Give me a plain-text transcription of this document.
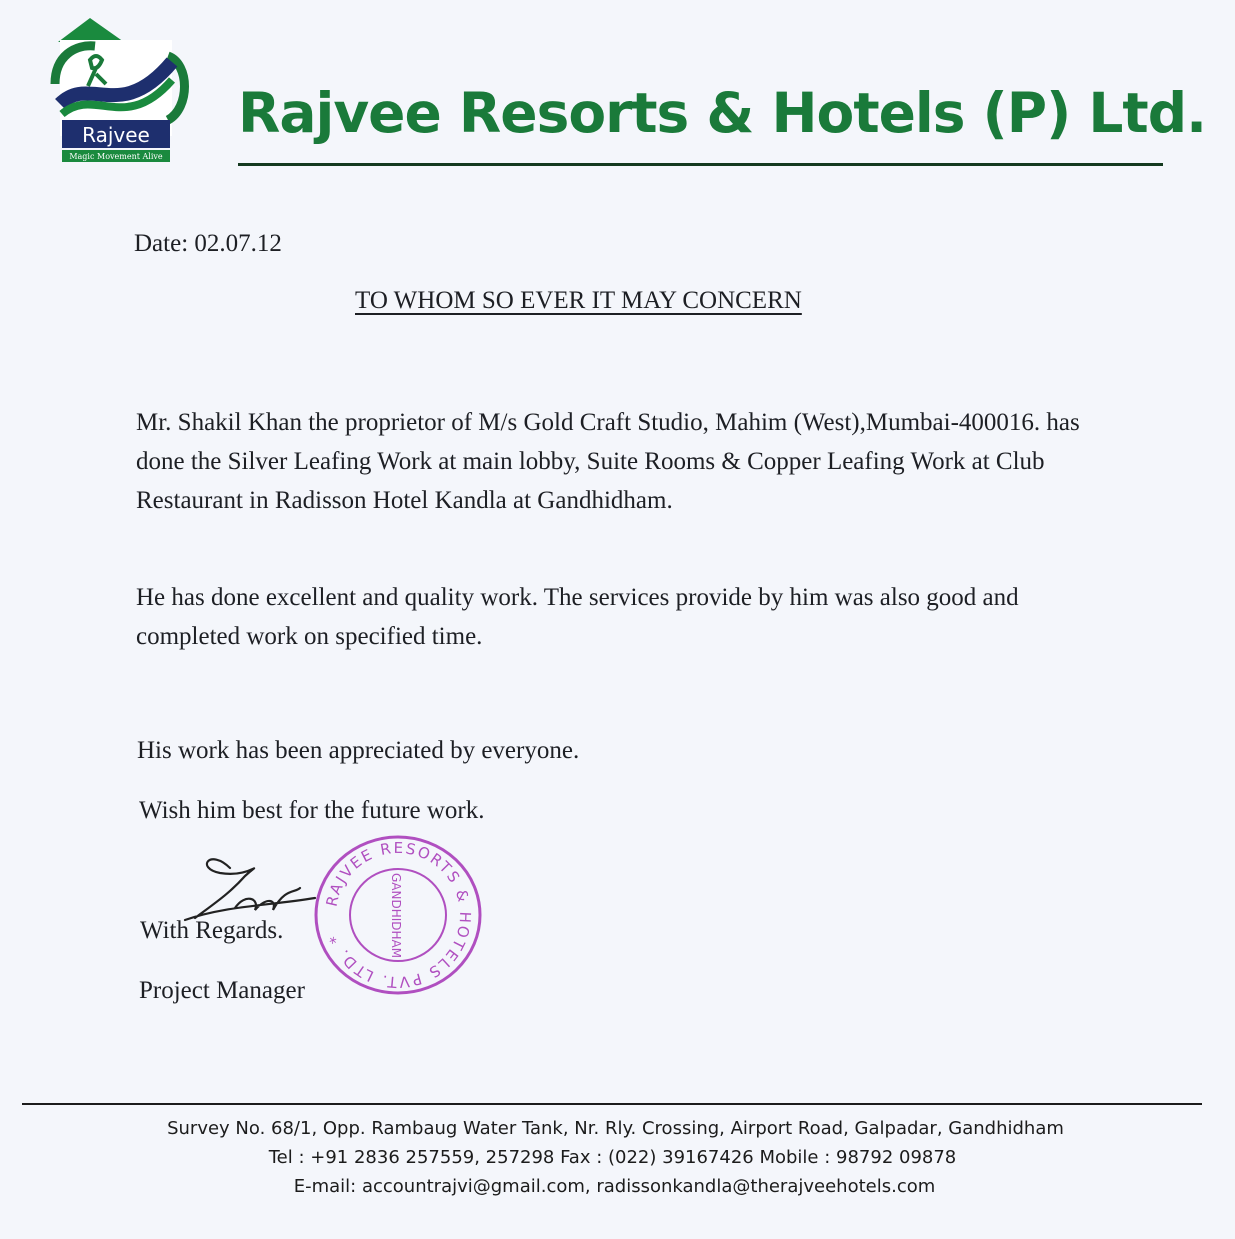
Rajvee
Magic Movement Alive
Rajvee Resorts & Hotels (P) Ltd.
Date: 02.07.12
TO WHOM SO EVER IT MAY CONCERN

Mr. Shakil Khan the proprietor of M/s Gold Craft Studio, Mahim (West),Mumbai-400016. has done the Silver Leafing Work at main lobby, Suite Rooms & Copper Leafing Work at Club Restaurant in Radisson Hotel Kandla at Gandhidham.

He has done excellent and quality work. The services provide by him was also good and completed work on specified time.

His work has been appreciated by everyone.
Wish him best for the future work.
With Regards.
Project Manager
RAJVEE RESORTS & HOTELS PVT. LTD. *	GANDHIDHAM
Survey No. 68/1, Opp. Rambaug Water Tank, Nr. Rly. Crossing, Airport Road, Galpadar, Gandhidham
Tel : +91 2836 257559, 257298 Fax : (022) 39167426 Mobile : 98792 09878
E-mail: accountrajvi@gmail.com, radissonkandla@therajveehotels.com
